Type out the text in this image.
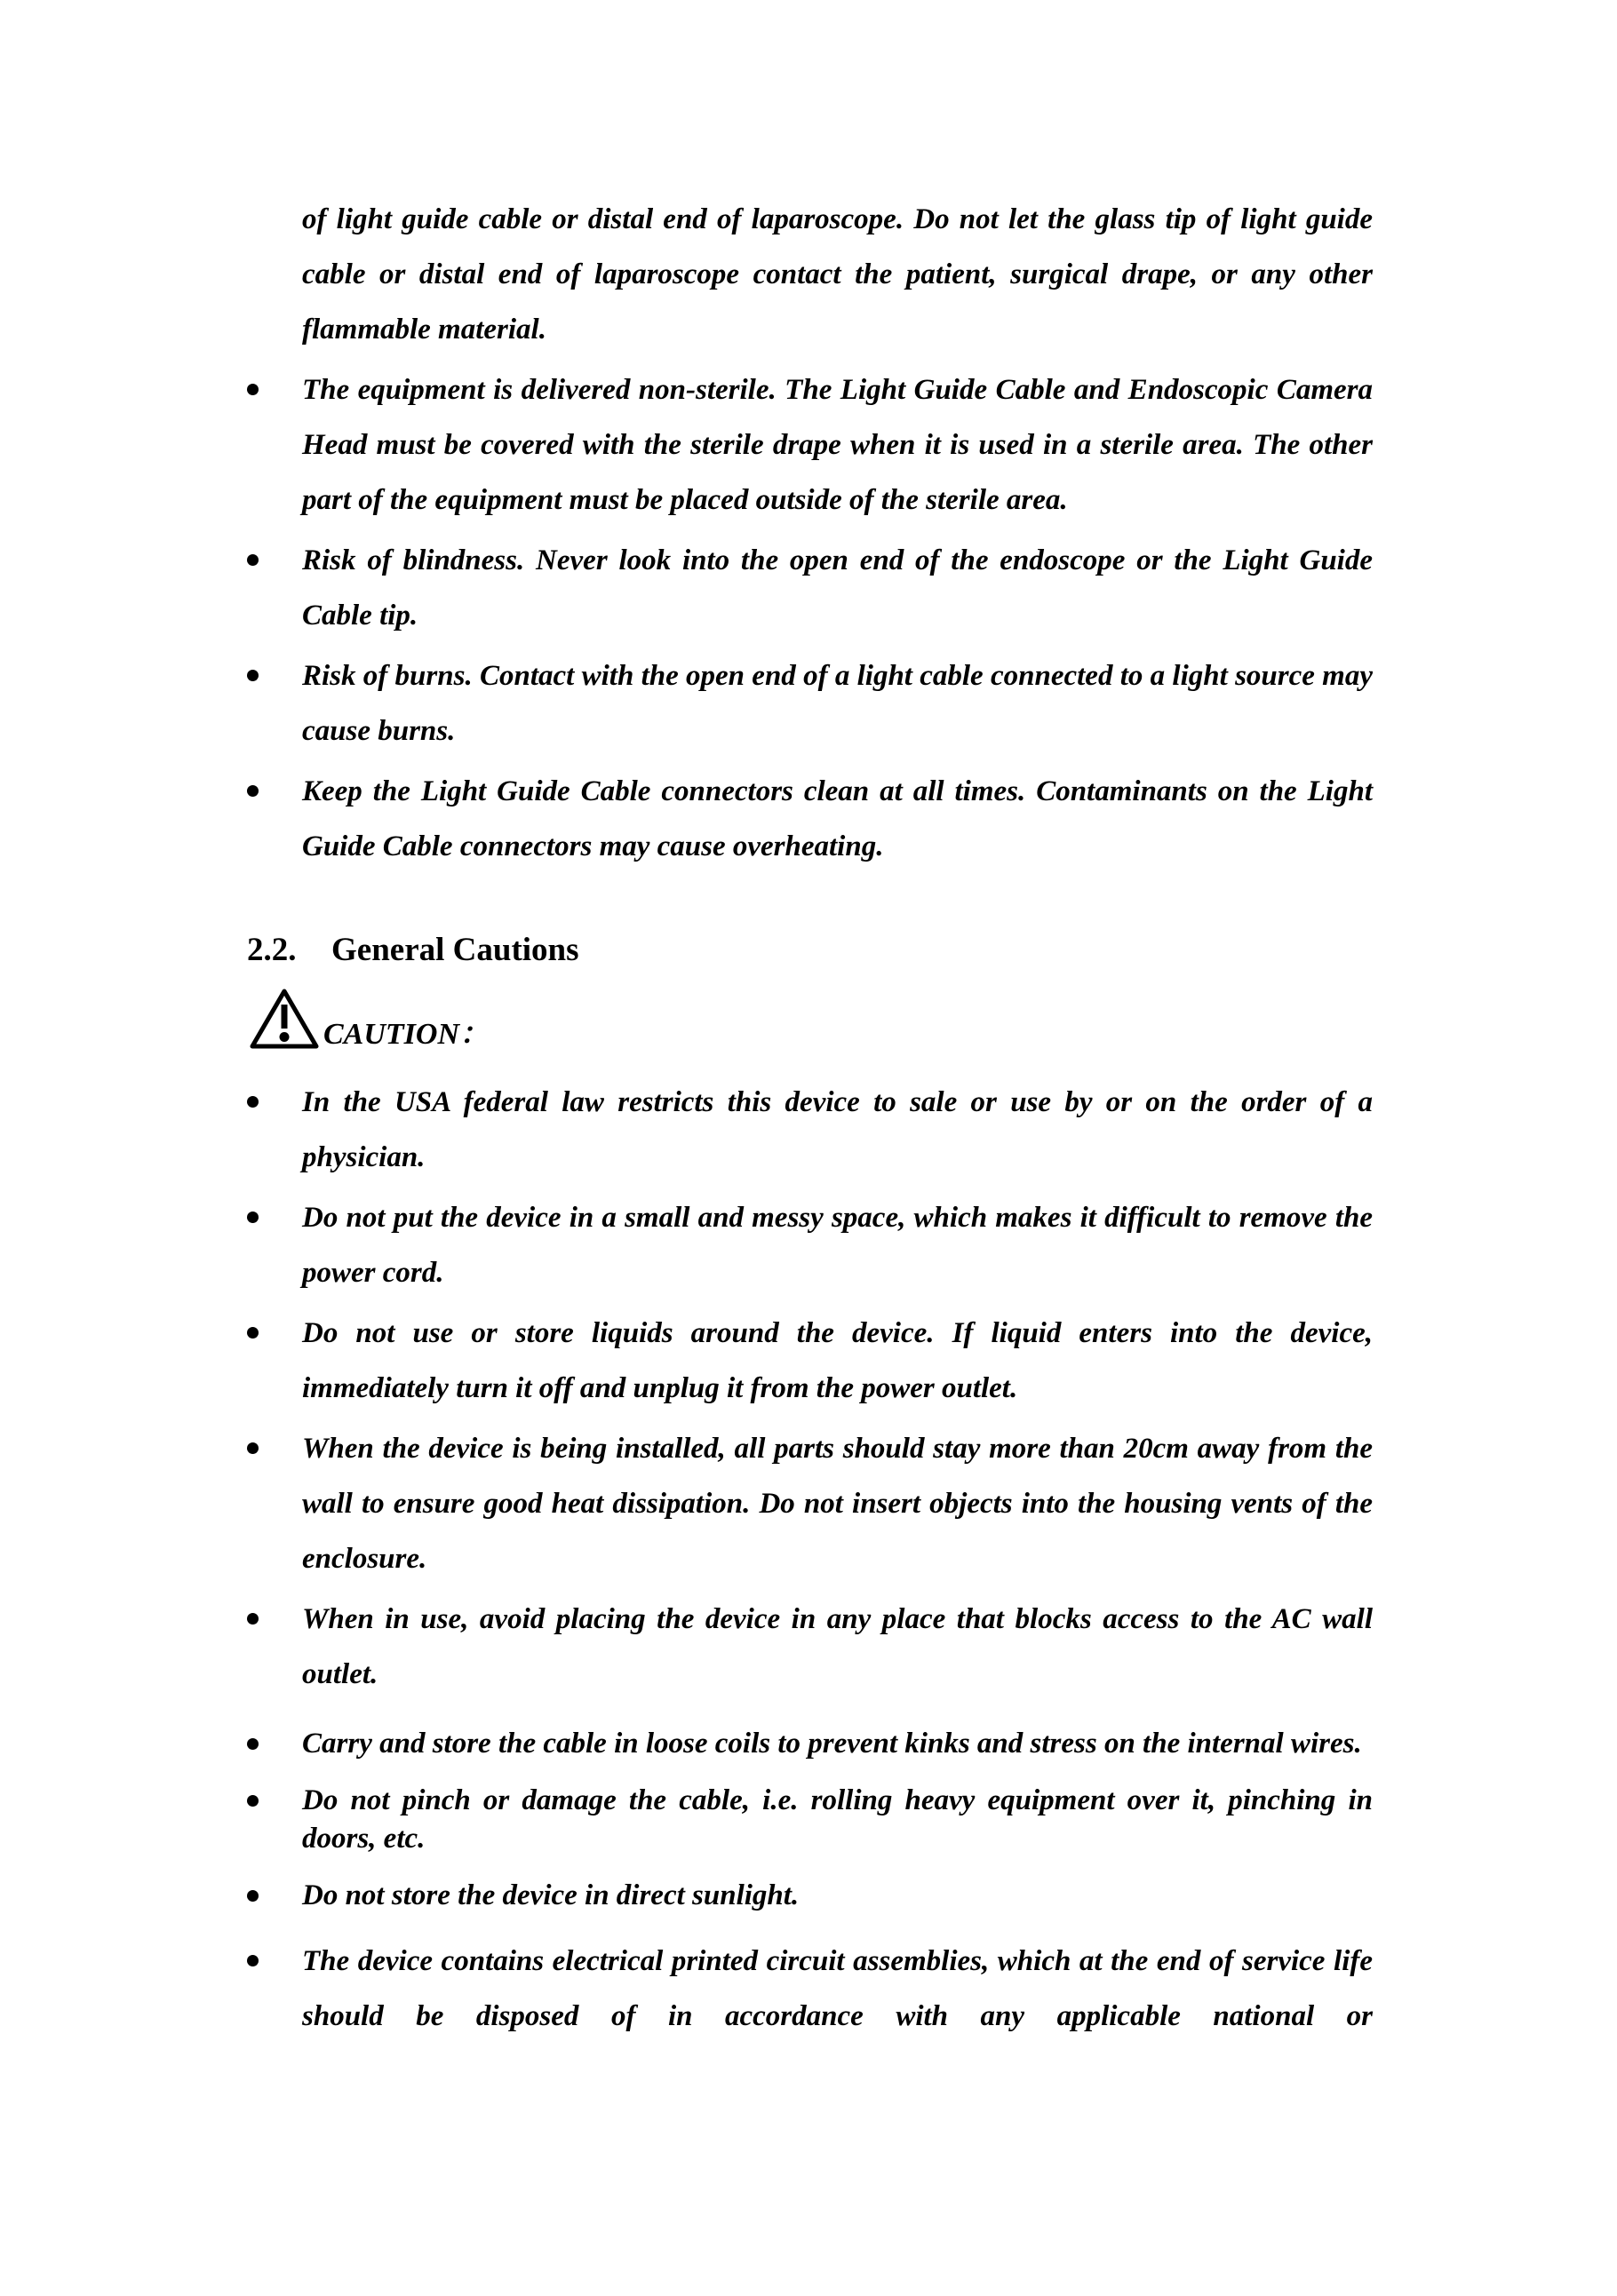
of light guide cable or distal end of laparoscope. Do not let the glass tip of light guide cable or distal end of laparoscope contact the patient, surgical drape, or any other flammable material.
The equipment is delivered non-sterile. The Light Guide Cable and Endoscopic Camera Head must be covered with the sterile drape when it is used in a sterile area. The other part of the equipment must be placed outside of the sterile area.
Risk of blindness. Never look into the open end of the endoscope or the Light Guide Cable tip.
Risk of burns. Contact with the open end of a light cable connected to a light source may cause burns.
Keep the Light Guide Cable connectors clean at all times. Contaminants on the Light Guide Cable connectors may cause overheating.
2.2. General Cautions
CAUTION：
In the USA federal law restricts this device to sale or use by or on the order of a physician.
Do not put the device in a small and messy space, which makes it difficult to remove the power cord.
Do not use or store liquids around the device. If liquid enters into the device, immediately turn it off and unplug it from the power outlet.
When the device is being installed, all parts should stay more than 20cm away from the wall to ensure good heat dissipation. Do not insert objects into the housing vents of the enclosure.
When in use, avoid placing the device in any place that blocks access to the AC wall outlet.
Carry and store the cable in loose coils to prevent kinks and stress on the internal wires.
Do not pinch or damage the cable, i.e. rolling heavy equipment over it, pinching in doors, etc.
Do not store the device in direct sunlight.
The device contains electrical printed circuit assemblies, which at the end of service life should be disposed of in accordance with any applicable national or
